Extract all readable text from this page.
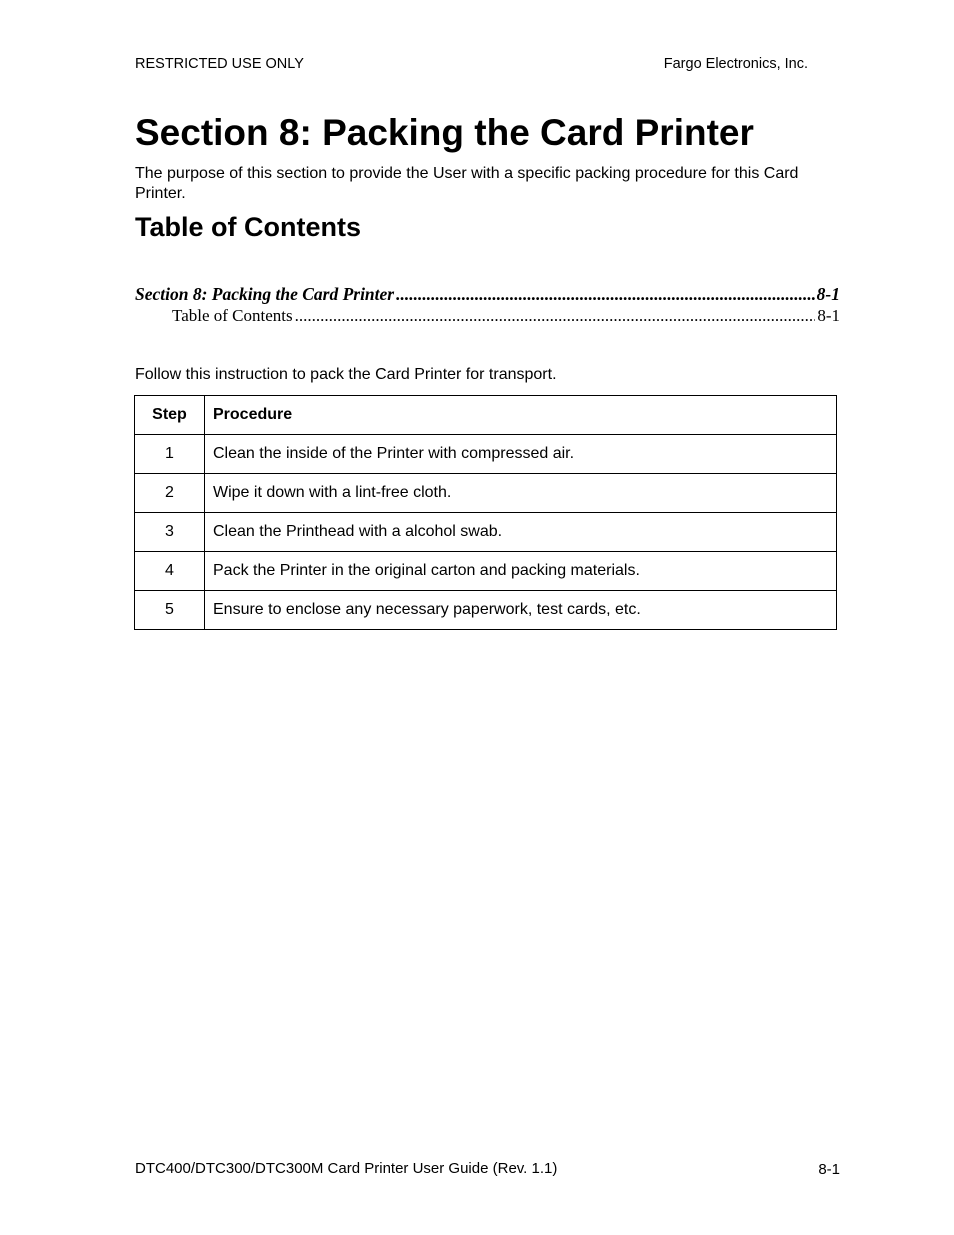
RESTRICTED USE ONLY	Fargo Electronics, Inc.
Section 8: Packing the Card Printer

The purpose of this section to provide the User with a specific packing procedure for this Card Printer.

Table of Contents
Section 8: Packing the Card Printer .....	8-1
Table of Contents .....	8-1

Follow this instruction to pack the Card Printer for transport.

Step	Procedure
1	Clean the inside of the Printer with compressed air.
2	Wipe it down with a lint-free cloth.
3	Clean the Printhead with a alcohol swab.
4	Pack the Printer in the original carton and packing materials.
5	Ensure to enclose any necessary paperwork, test cards, etc.
DTC400/DTC300/DTC300M Card Printer User Guide (Rev. 1.1)	8-1
